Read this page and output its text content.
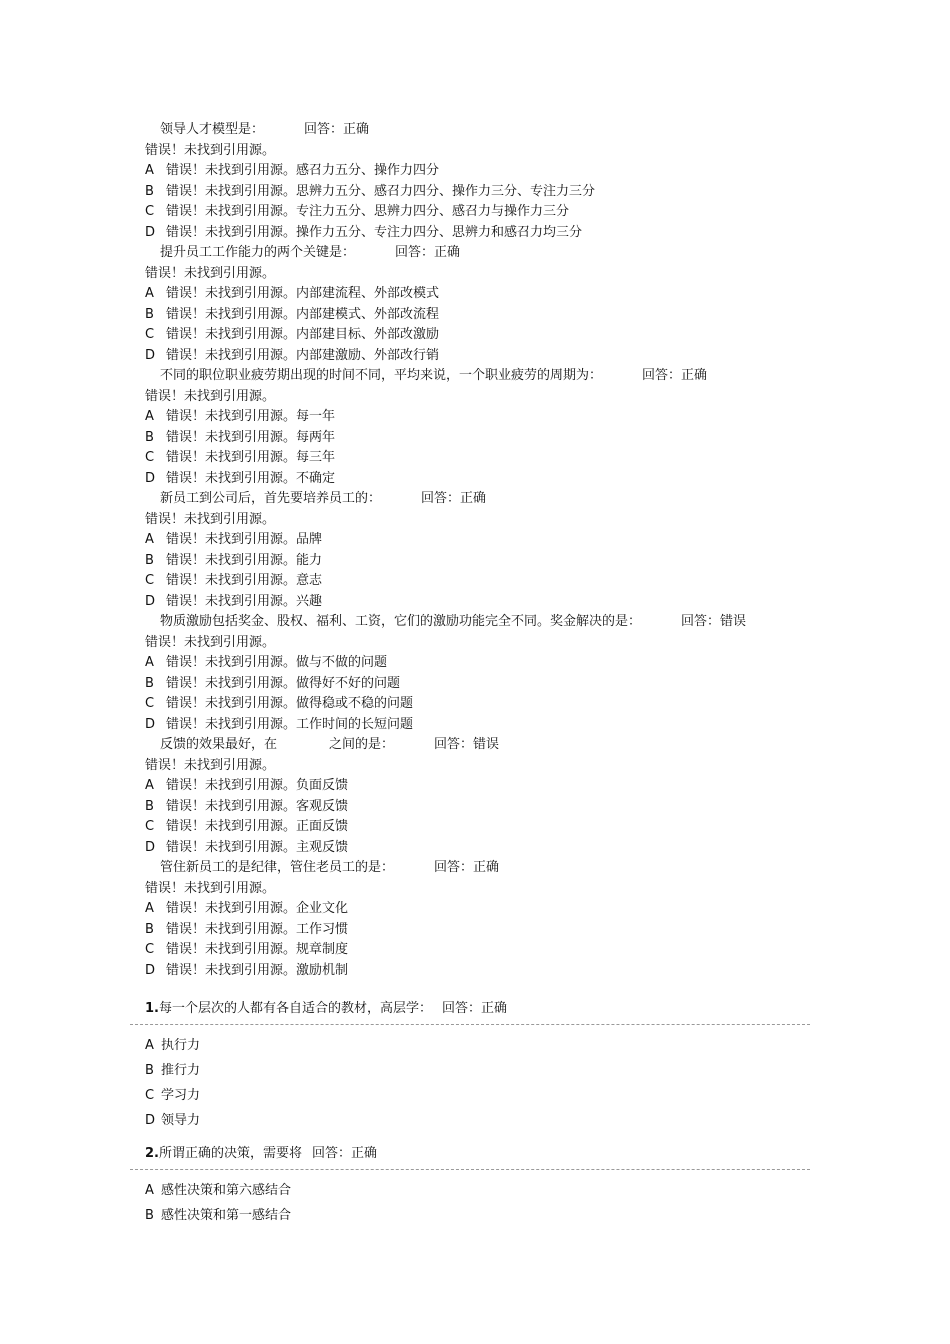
领导人才模型是：	回答：正确
错误！未找到引用源。
A 错误！未找到引用源。感召力五分、操作力四分
B 错误！未找到引用源。思辨力五分、感召力四分、操作力三分、专注力三分
C 错误！未找到引用源。专注力五分、思辨力四分、感召力与操作力三分
D 错误！未找到引用源。操作力五分、专注力四分、思辨力和感召力均三分
提升员工工作能力的两个关键是：	回答：正确
错误！未找到引用源。
A 错误！未找到引用源。内部建流程、外部改模式
B 错误！未找到引用源。内部建模式、外部改流程
C 错误！未找到引用源。内部建目标、外部改激励
D 错误！未找到引用源。内部建激励、外部改行销
不同的职位职业疲劳期出现的时间不同，平均来说，一个职业疲劳的周期为：	回答：正确
错误！未找到引用源。
A 错误！未找到引用源。每一年
B 错误！未找到引用源。每两年
C 错误！未找到引用源。每三年
D 错误！未找到引用源。不确定
新员工到公司后，首先要培养员工的：	回答：正确
错误！未找到引用源。
A 错误！未找到引用源。品牌
B 错误！未找到引用源。能力
C 错误！未找到引用源。意志
D 错误！未找到引用源。兴趣
物质激励包括奖金、股权、福利、工资，它们的激励功能完全不同。奖金解决的是：	回答：错误
错误！未找到引用源。
A 错误！未找到引用源。做与不做的问题
B 错误！未找到引用源。做得好不好的问题
C 错误！未找到引用源。做得稳或不稳的问题
D 错误！未找到引用源。工作时间的长短问题
反馈的效果最好，在　　　　之间的是：	回答：错误
错误！未找到引用源。
A 错误！未找到引用源。负面反馈
B 错误！未找到引用源。客观反馈
C 错误！未找到引用源。正面反馈
D 错误！未找到引用源。主观反馈
管住新员工的是纪律，管住老员工的是：	回答：正确
错误！未找到引用源。
A 错误！未找到引用源。企业文化
B 错误！未找到引用源。工作习惯
C 错误！未找到引用源。规章制度
D 错误！未找到引用源。激励机制
1.每一个层次的人都有各自适合的教材，高层学： 回答：正确
A 执行力
B 推行力
C 学习力
D 领导力
2.所谓正确的决策，需要将 回答：正确
A 感性决策和第六感结合
B 感性决策和第一感结合
